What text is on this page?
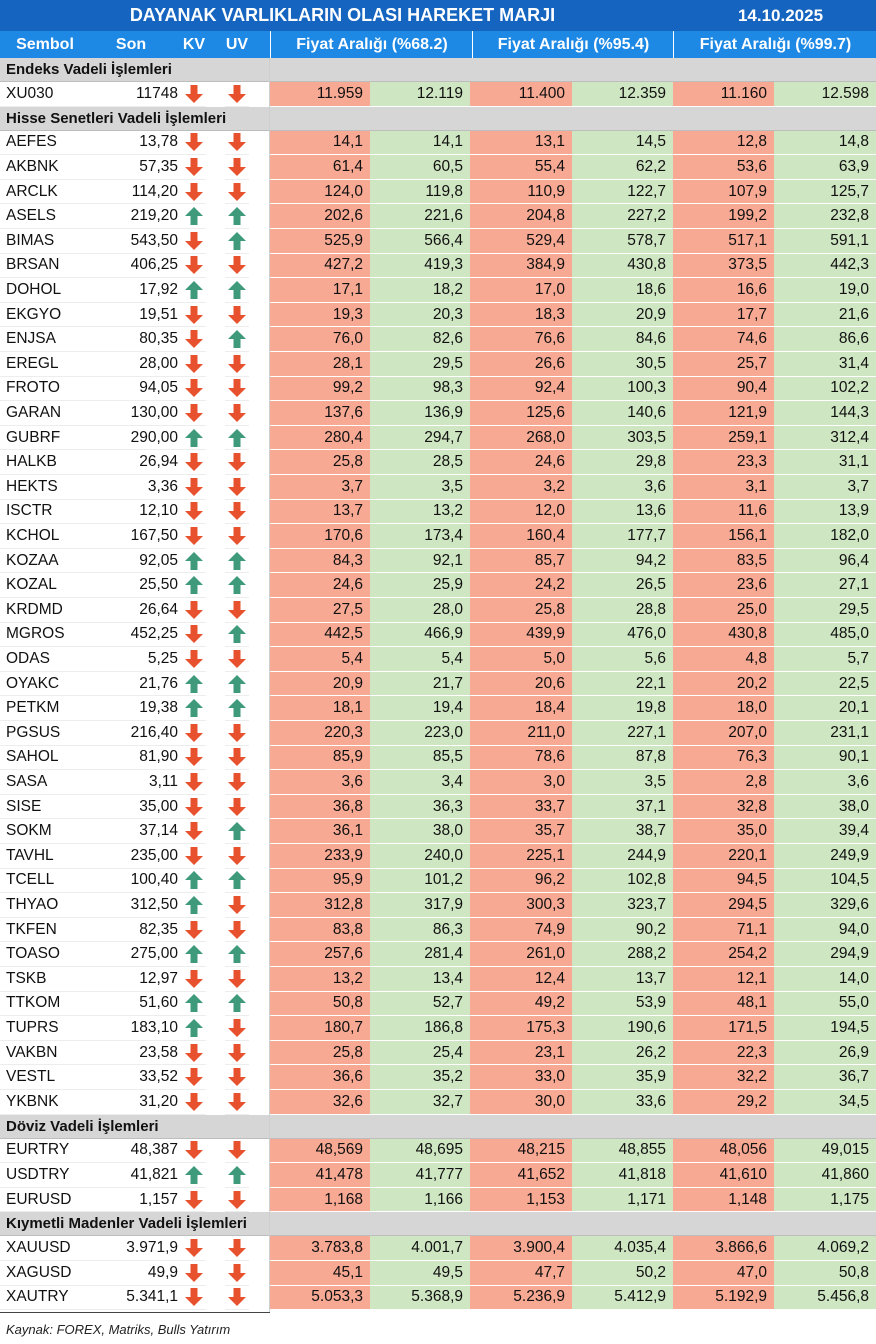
DAYANAK VARLIKLARIN OLASI HAREKET MARJI	14.10.2025
Sembol	Son	KV UV	Fiyat Aralığı (%68.2)	Fiyat Aralığı (%95.4)	Fiyat Aralığı (%99.7)
Endeks Vadeli İşlemleri
XU030	11748	11.959	12.119	11.400	12.359	11.160	12.598
Hisse Senetleri Vadeli İşlemleri
AEFES	13,78	14,1	14,1	13,1	14,5	12,8	14,8
AKBNK	57,35	61,4	60,5	55,4	62,2	53,6	63,9
ARCLK	114,20	124,0	119,8	110,9	122,7	107,9	125,7
ASELS	219,20	202,6	221,6	204,8	227,2	199,2	232,8
BIMAS	543,50	525,9	566,4	529,4	578,7	517,1	591,1
BRSAN	406,25	427,2	419,3	384,9	430,8	373,5	442,3
DOHOL	17,92	17,1	18,2	17,0	18,6	16,6	19,0
EKGYO	19,51	19,3	20,3	18,3	20,9	17,7	21,6
ENJSA	80,35	76,0	82,6	76,6	84,6	74,6	86,6
EREGL	28,00	28,1	29,5	26,6	30,5	25,7	31,4
FROTO	94,05	99,2	98,3	92,4	100,3	90,4	102,2
GARAN	130,00	137,6	136,9	125,6	140,6	121,9	144,3
GUBRF	290,00	280,4	294,7	268,0	303,5	259,1	312,4
HALKB	26,94	25,8	28,5	24,6	29,8	23,3	31,1
HEKTS	3,36	3,7	3,5	3,2	3,6	3,1	3,7
ISCTR	12,10	13,7	13,2	12,0	13,6	11,6	13,9
KCHOL	167,50	170,6	173,4	160,4	177,7	156,1	182,0
KOZAA	92,05	84,3	92,1	85,7	94,2	83,5	96,4
KOZAL	25,50	24,6	25,9	24,2	26,5	23,6	27,1
KRDMD	26,64	27,5	28,0	25,8	28,8	25,0	29,5
MGROS	452,25	442,5	466,9	439,9	476,0	430,8	485,0
ODAS	5,25	5,4	5,4	5,0	5,6	4,8	5,7
OYAKC	21,76	20,9	21,7	20,6	22,1	20,2	22,5
PETKM	19,38	18,1	19,4	18,4	19,8	18,0	20,1
PGSUS	216,40	220,3	223,0	211,0	227,1	207,0	231,1
SAHOL	81,90	85,9	85,5	78,6	87,8	76,3	90,1
SASA	3,11	3,6	3,4	3,0	3,5	2,8	3,6
SISE	35,00	36,8	36,3	33,7	37,1	32,8	38,0
SOKM	37,14	36,1	38,0	35,7	38,7	35,0	39,4
TAVHL	235,00	233,9	240,0	225,1	244,9	220,1	249,9
TCELL	100,40	95,9	101,2	96,2	102,8	94,5	104,5
THYAO	312,50	312,8	317,9	300,3	323,7	294,5	329,6
TKFEN	82,35	83,8	86,3	74,9	90,2	71,1	94,0
TOASO	275,00	257,6	281,4	261,0	288,2	254,2	294,9
TSKB	12,97	13,2	13,4	12,4	13,7	12,1	14,0
TTKOM	51,60	50,8	52,7	49,2	53,9	48,1	55,0
TUPRS	183,10	180,7	186,8	175,3	190,6	171,5	194,5
VAKBN	23,58	25,8	25,4	23,1	26,2	22,3	26,9
VESTL	33,52	36,6	35,2	33,0	35,9	32,2	36,7
YKBNK	31,20	32,6	32,7	30,0	33,6	29,2	34,5
Döviz Vadeli İşlemleri
EURTRY	48,387	48,569	48,695	48,215	48,855	48,056	49,015
USDTRY	41,821	41,478	41,777	41,652	41,818	41,610	41,860
EURUSD	1,157	1,168	1,166	1,153	1,171	1,148	1,175
Kıymetli Madenler Vadeli İşlemleri
XAUUSD	3.971,9	3.783,8	4.001,7	3.900,4	4.035,4	3.866,6	4.069,2
XAGUSD	49,9	45,1	49,5	47,7	50,2	47,0	50,8
XAUTRY	5.341,1	5.053,3	5.368,9	5.236,9	5.412,9	5.192,9	5.456,8
Kaynak: FOREX, Matriks, Bulls Yatırım
